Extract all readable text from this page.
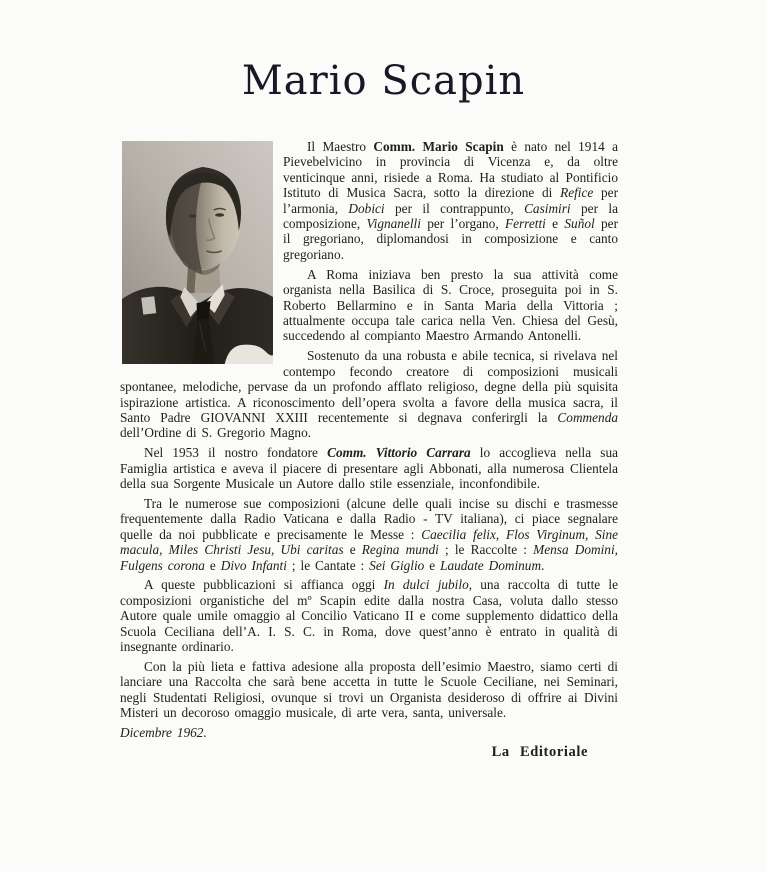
Mario Scapin

Il Maestro Comm. Mario Scapin è nato nel 1914 a Pievebelvicino in provincia di Vicenza e, da oltre venticinque anni, risiede a Roma. Ha studiato al Pontificio Istituto di Musica Sacra, sotto la direzione di Refice per l’armonia, Dobici per il contrappunto, Casimiri per la composizione, Vignanelli per l’organo, Ferretti e Suñol per il gregoriano, diplomandosi in composizione e canto gregoriano.

A Roma iniziava ben presto la sua attività come organista nella Basilica di S. Croce, proseguita poi in S. Roberto Bellarmino e in Santa Maria della Vittoria ; attualmente occupa tale carica nella Ven. Chiesa del Gesù, succedendo al compianto Maestro Armando Antonelli.

Sostenuto da una robusta e abile tecnica, si rivelava nel contempo fecondo creatore di composizioni musicali spontanee, melodiche, pervase da un profondo afflato religioso, degne della più squisita ispirazione artistica. A riconoscimento dell’opera svolta a favore della musica sacra, il Santo Padre GIOVANNI XXIII recentemente si degnava conferirgli la Commenda dell’Ordine di S. Gregorio Magno.

Nel 1953 il nostro fondatore Comm. Vittorio Carrara lo accoglieva nella sua Famiglia artistica e aveva il piacere di presentare agli Abbonati, alla numerosa Clientela della sua Sorgente Musicale un Autore dallo stile essenziale, inconfondibile.

Tra le numerose sue composizioni (alcune delle quali incise su dischi e trasmesse frequentemente dalla Radio Vaticana e dalla Radio - TV italiana), ci piace segnalare quelle da noi pubblicate e precisamente le Messe : Caecilia felix, Flos Virginum, Sine macula, Miles Christi Jesu, Ubi caritas e Regina mundi ; le Raccolte : Mensa Domini, Fulgens corona e Divo Infanti ; le Cantate : Sei Giglio e Laudate Dominum.

A queste pubblicazioni si affianca oggi In dulci jubilo, una raccolta di tutte le composizioni organistiche del mº Scapin edite dalla nostra Casa, voluta dallo stesso Autore quale umile omaggio al Concilio Vaticano II e come supplemento didattico della Scuola Ceciliana dell’A. I. S. C. in Roma, dove quest’anno è entrato in qualità di insegnante ordinario.

Con la più lieta e fattiva adesione alla proposta dell’esimio Maestro, siamo certi di lanciare una Raccolta che sarà bene accetta in tutte le Scuole Ceciliane, nei Seminari, negli Studentati Religiosi, ovunque si trovi un Organista desideroso di offrire ai Divini Misteri un decoroso omaggio musicale, di arte vera, santa, universale.

Dicembre 1962.

La Editoriale
